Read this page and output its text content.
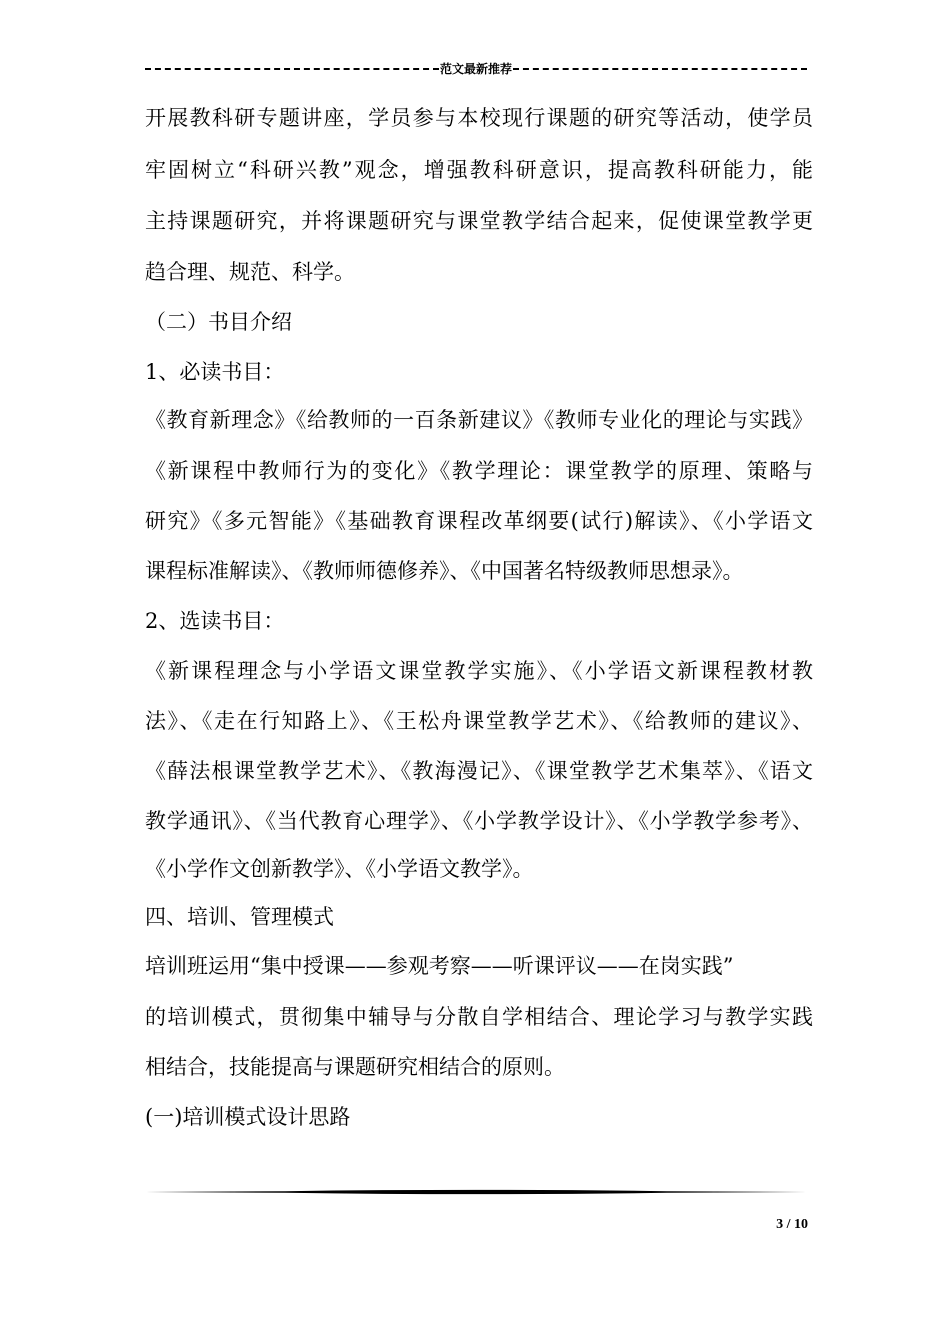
范文最新推荐
开展教科研专题讲座，学员参与本校现行课题的研究等活动，使学员
牢固树立“科研兴教”观念，增强教科研意识，提高教科研能力，能
主持课题研究，并将课题研究与课堂教学结合起来，促使课堂教学更
趋合理、规范、科学。
（二）书目介绍
1、必读书目：
《教育新理念》《给教师的一百条新建议》《教师专业化的理论与实践》
《新课程中教师行为的变化》《教学理论：课堂教学的原理、策略与
研究》《多元智能》《基础教育课程改革纲要(试行)解读》、《小学语文
课程标准解读》、《教师师德修养》、《中国著名特级教师思想录》。
2、选读书目：
《新课程理念与小学语文课堂教学实施》、《小学语文新课程教材教
法》、《走在行知路上》、《王松舟课堂教学艺术》、《给教师的建议》、
《薛法根课堂教学艺术》、《教海漫记》、《课堂教学艺术集萃》、《语文
教学通讯》、《当代教育心理学》、《小学教学设计》、《小学教学参考》、
《小学作文创新教学》、《小学语文教学》。
四、培训、管理模式
培训班运用“集中授课——参观考察——听课评议——在岗实践”
的培训模式，贯彻集中辅导与分散自学相结合、理论学习与教学实践
相结合，技能提高与课题研究相结合的原则。
(一)培训模式设计思路
3 / 10
